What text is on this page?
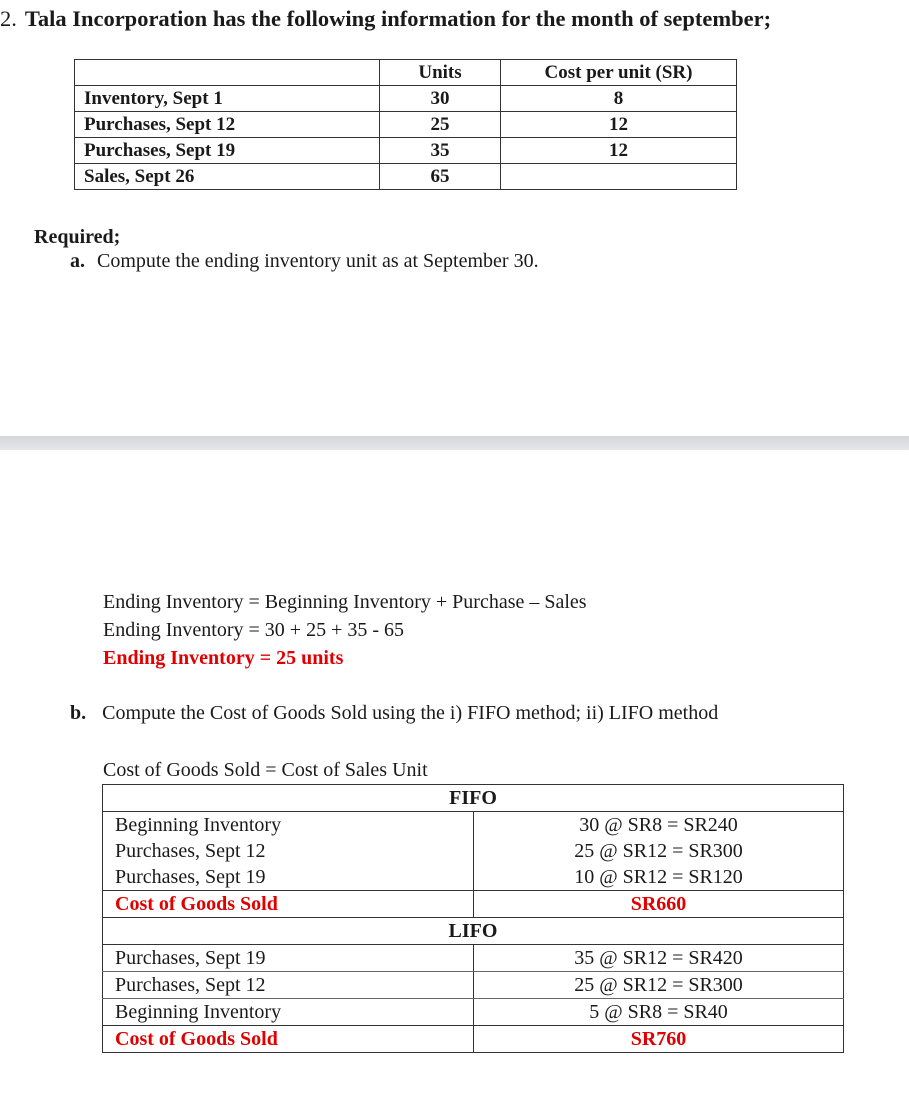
2. Tala Incorporation has the following information for the month of september;
	Units	Cost per unit (SR)
Inventory, Sept 1	30	8
Purchases, Sept 12	25	12
Purchases, Sept 19	35	12
Sales, Sept 26	65	
Required;
a. Compute the ending inventory unit as at September 30.
Ending Inventory = Beginning Inventory + Purchase – Sales
Ending Inventory = 30 + 25 + 35 - 65
Ending Inventory = 25 units
b. Compute the Cost of Goods Sold using the i) FIFO method; ii) LIFO method
Cost of Goods Sold = Cost of Sales Unit
FIFO	
Beginning Inventory	30 @ SR8 = SR240
Purchases, Sept 12	25 @ SR12 = SR300
Purchases, Sept 19	10 @ SR12 = SR120
Cost of Goods Sold	SR660
LIFO	
Purchases, Sept 19	35 @ SR12 = SR420
Purchases, Sept 12	25 @ SR12 = SR300
Beginning Inventory	5 @ SR8 = SR40
Cost of Goods Sold	SR760
